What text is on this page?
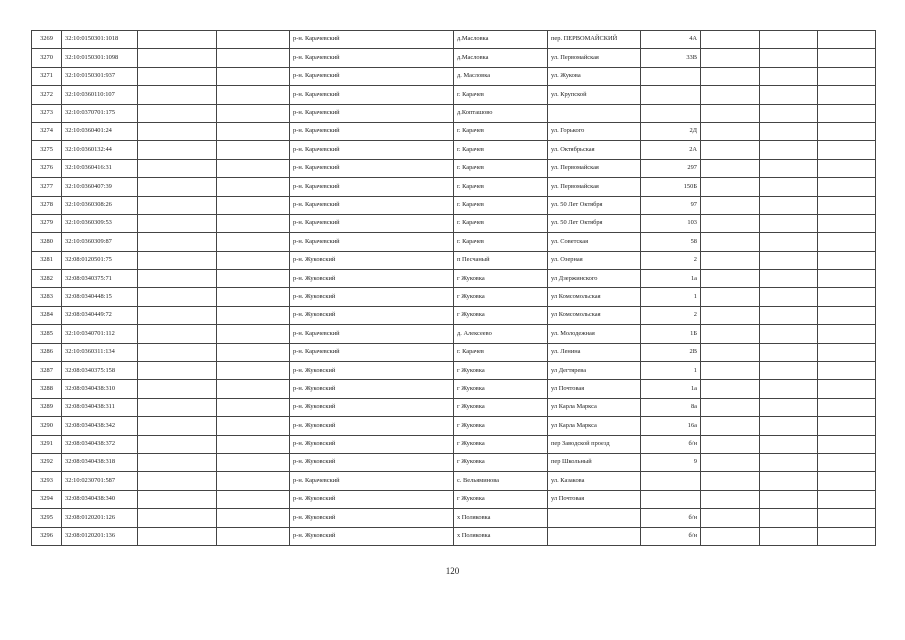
3269	32:10:0150301:1018			р-н. Карачевский	д.Масловка	пер. ПЕРВОМАЙСКИЙ	4А			
3270	32:10:0150301:1098			р-н. Карачевский	д.Масловка	ул. Первомайская	33В			
3271	32:10:0150301:937			р-н. Карачевский	д. Масловка	ул. Жукова				
3272	32:10:0360110:107			р-н. Карачевский	г. Карачев	ул. Крупской				
3273	32:10:0370701:175			р-н. Карачевский	д.Копташово					
3274	32:10:0360401:24			р-н. Карачевский	г. Карачев	ул. Горького	2Д			
3275	32:10:0360132:44			р-н. Карачевский	г. Карачев	ул. Октябрьская	2А			
3276	32:10:0360416:31			р-н. Карачевский	г. Карачев	ул. Первомайская	297			
3277	32:10:0360407:39			р-н. Карачевский	г. Карачев	ул. Первомайская	150Б			
3278	32:10:0360308:26			р-н. Карачевский	г. Карачев	ул. 50 Лет Октября	97			
3279	32:10:0360309:53			р-н. Карачевский	г. Карачев	ул. 50 Лет Октября	103			
3280	32:10:0360309:87			р-н. Карачевский	г. Карачев	ул. Советская	58			
3281	32:08:0120501:75			р-н. Жуковский	п Песчаный	ул. Озерная	2			
3282	32:08:0340375:71			р-н. Жуковский	г Жуковка	ул Дзержинского	1а			
3283	32:08:0340448:15			р-н. Жуковский	г Жуковка	ул Комсомольская	1			
3284	32:08:0340449:72			р-н. Жуковский	г Жуковка	ул Комсомольская	2			
3285	32:10:0340701:112			р-н. Карачевский	д. Алексеево	ул. Молодежная	1Б			
3286	32:10:0360311:134			р-н. Карачевский	г. Карачев	ул. Ленина	2В			
3287	32:08:0340375:158			р-н. Жуковский	г Жуковка	ул Дегтярева	1			
3288	32:08:0340438:310			р-н. Жуковский	г Жуковка	ул Почтовая	1а			
3289	32:08:0340438:311			р-н. Жуковский	г Жуковка	ул Карла Маркса	8а			
3290	32:08:0340438:342			р-н. Жуковский	г Жуковка	ул Карла Маркса	16а			
3291	32:08:0340438:372			р-н. Жуковский	г Жуковка	пер Заводской проезд	б/н			
3292	32:08:0340438:318			р-н. Жуковский	г Жуковка	пер Школьный	9			
3293	32:10:0230701:587			р-н. Карачевский	с. Вельяминова	ул. Казакова				
3294	32:08:0340438:340			р-н. Жуковский	г Жуковка	ул Почтовая				
3295	32:08:0120201:126			р-н. Жуковский	х Поляковка		б/н			
3296	32:08:0120201:136			р-н. Жуковский	х Поляковка		б/н			
120
